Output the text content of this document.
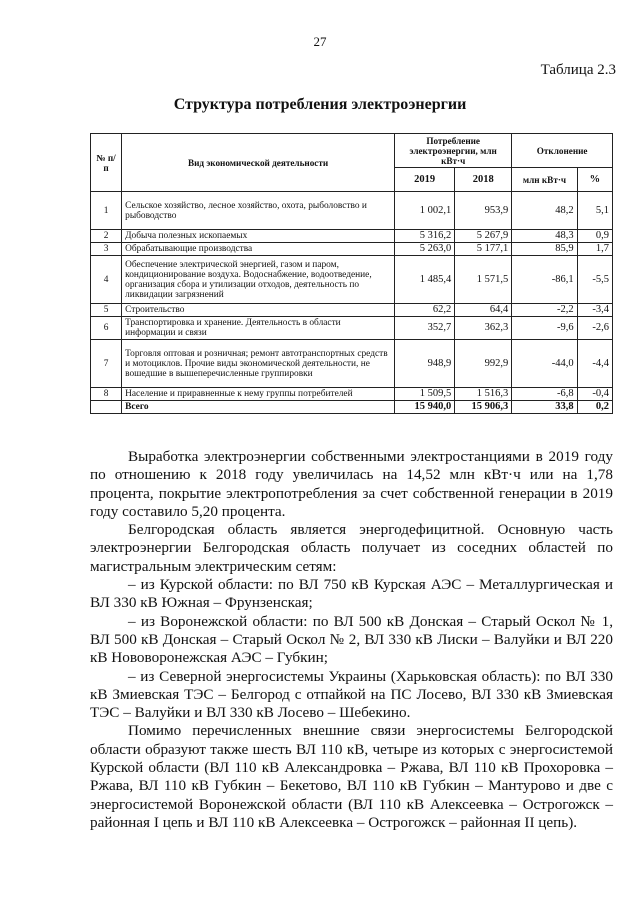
27
Таблица 2.3
Структура потребления электроэнергии
№ п/п	Вид экономической деятельности	Потребление электроэнергии, млн кВт·ч		Отклонение	
		2019	2018	млн кВт·ч	%
1	Сельское хозяйство, лесное хозяйство, охота, рыболовство и рыбоводство	1 002,1	953,9	48,2	5,1
2	Добыча полезных ископаемых	5 316,2	5 267,9	48,3	0,9
3	Обрабатывающие производства	5 263,0	5 177,1	85,9	1,7
4	Обеспечение электрической энергией, газом и паром, кондиционирование воздуха. Водоснабжение, водоотведение, организация сбора и утилизации отходов, деятельность по ликвидации загрязнений	1 485,4	1 571,5	-86,1	-5,5
5	Строительство	62,2	64,4	-2,2	-3,4
6	Транспортировка и хранение. Деятельность в области информации и связи	352,7	362,3	-9,6	-2,6
7	Торговля оптовая и розничная; ремонт автотранспортных средств и мотоциклов. Прочие виды экономической деятельности, не вошедшие в вышеперечисленные группировки	948,9	992,9	-44,0	-4,4
8	Население и приравненные к нему группы потребителей	1 509,5	1 516,3	-6,8	-0,4
	Всего	15 940,0	15 906,3	33,8	0,2

Выработка электроэнергии собственными электростанциями в 2019 году по отношению к 2018 году увеличилась на 14,52 млн кВт·ч или на 1,78 процента, покрытие электропотребления за счет собственной генерации в 2019 году составило 5,20 процента.

Белгородская область является энергодефицитной. Основную часть электроэнергии Белгородская область получает из соседних областей по магистральным электрическим сетям:

– из Курской области: по ВЛ 750 кВ Курская АЭС – Металлургическая и ВЛ 330 кВ Южная – Фрунзенская;

– из Воронежской области: по ВЛ 500 кВ Донская – Старый Оскол № 1, ВЛ 500 кВ Донская – Старый Оскол № 2, ВЛ 330 кВ Лиски – Валуйки и ВЛ 220 кВ Нововоронежская АЭС – Губкин;

– из Северной энергосистемы Украины (Харьковская область): по ВЛ 330 кВ Змиевская ТЭС – Белгород с отпайкой на ПС Лосево, ВЛ 330 кВ Змиевская ТЭС – Валуйки и ВЛ 330 кВ Лосево – Шебекино.

Помимо перечисленных внешние связи энергосистемы Белгородской области образуют также шесть ВЛ 110 кВ, четыре из которых с энергосистемой Курской области (ВЛ 110 кВ Александровка – Ржава, ВЛ 110 кВ Прохоровка – Ржава, ВЛ 110 кВ Губкин – Бекетово, ВЛ 110 кВ Губкин – Мантурово и две с энергосистемой Воронежской области (ВЛ 110 кВ Алексеевка – Острогожск – районная I цепь и ВЛ 110 кВ Алексеевка – Острогожск – районная II цепь).
